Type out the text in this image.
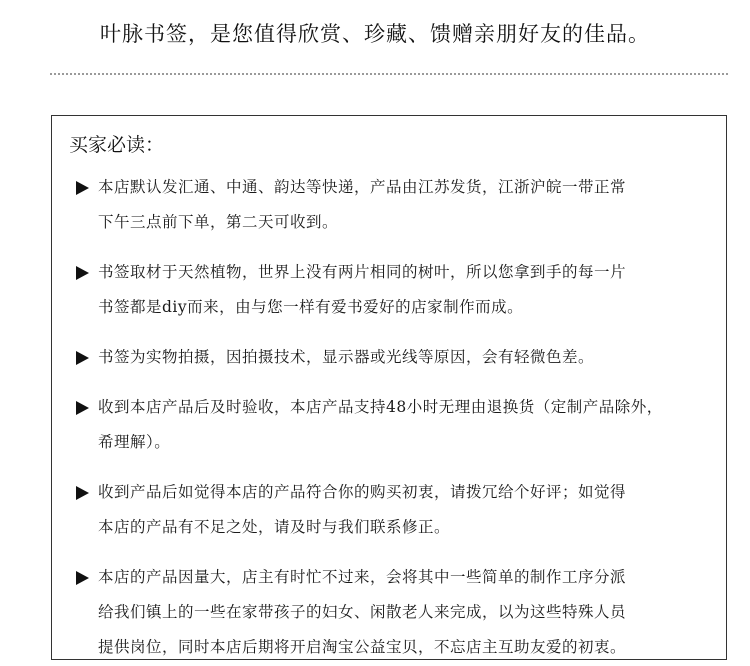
叶脉书签，是您值得欣赏、珍藏、馈赠亲朋好友的佳品。
买家必读：
本店默认发汇通、中通、韵达等快递，产品由江苏发货，江浙沪皖一带正常
下午三点前下单，第二天可收到。
书签取材于天然植物，世界上没有两片相同的树叶，所以您拿到手的每一片
书签都是diy而来，由与您一样有爱书爱好的店家制作而成。
书签为实物拍摄，因拍摄技术，显示器或光线等原因，会有轻微色差。
收到本店产品后及时验收，本店产品支持48小时无理由退换货（定制产品除外，
希理解）。
收到产品后如觉得本店的产品符合你的购买初衷，请拨冗给个好评；如觉得
本店的产品有不足之处，请及时与我们联系修正。
本店的产品因量大，店主有时忙不过来，会将其中一些简单的制作工序分派
给我们镇上的一些在家带孩子的妇女、闲散老人来完成，以为这些特殊人员
提供岗位，同时本店后期将开启淘宝公益宝贝，不忘店主互助友爱的初衷。
